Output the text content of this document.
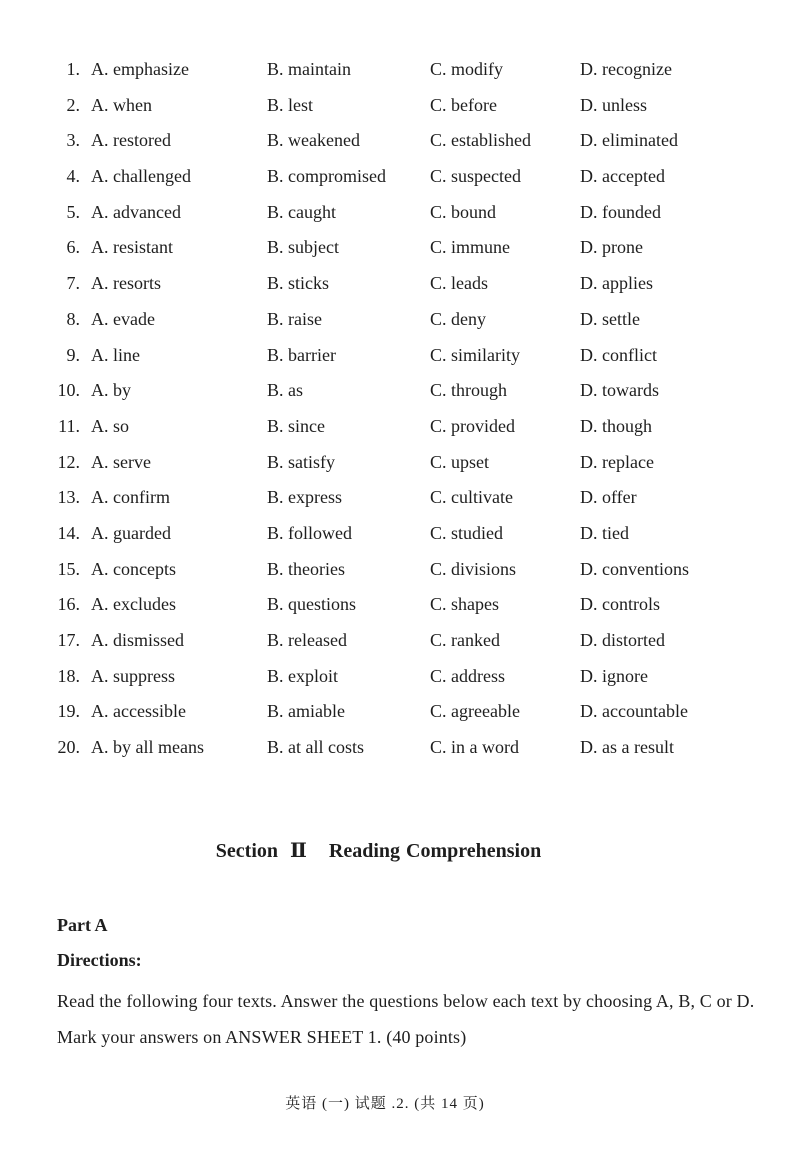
1. A. emphasize	B. maintain	C. modify	D. recognize
2. A. when	B. lest	C. before	D. unless
3. A. restored	B. weakened	C. established	D. eliminated
4. A. challenged	B. compromised C. suspected	D. accepted
5. A. advanced	B. caught	C. bound	D. founded
6. A. resistant	B. subject	C. immune	D. prone
7. A. resorts	B. sticks	C. leads	D. applies
8. A. evade	B. raise	C. deny	D. settle
9. A. line	B. barrier	C. similarity	D. conflict
10. A. by	B. as	C. through	D. towards
11. A. so	B. since	C. provided	D. though
12. A. serve	B. satisfy	C. upset	D. replace
13. A. confirm	B. express	C. cultivate	D. offer
14. A. guarded	B. followed	C. studied	D. tied
15. A. concepts	B. theories	C. divisions	D. conventions
16. A. excludes	B. questions	C. shapes	D. controls
17. A. dismissed	B. released	C. ranked	D. distorted
18. A. suppress	B. exploit	C. address	D. ignore
19. A. accessible	B. amiable	C. agreeable	D. accountable
20. A. by all means	B. at all costs	C. in a word	D. as a result
Section Ⅱ Reading Comprehension
Part A
Directions:
Read the following four texts. Answer the questions below each text by choosing A, B, C or D. Mark your answers on ANSWER SHEET 1. (40 points)
英语 (一) 试题 .2. (共 14 页)
